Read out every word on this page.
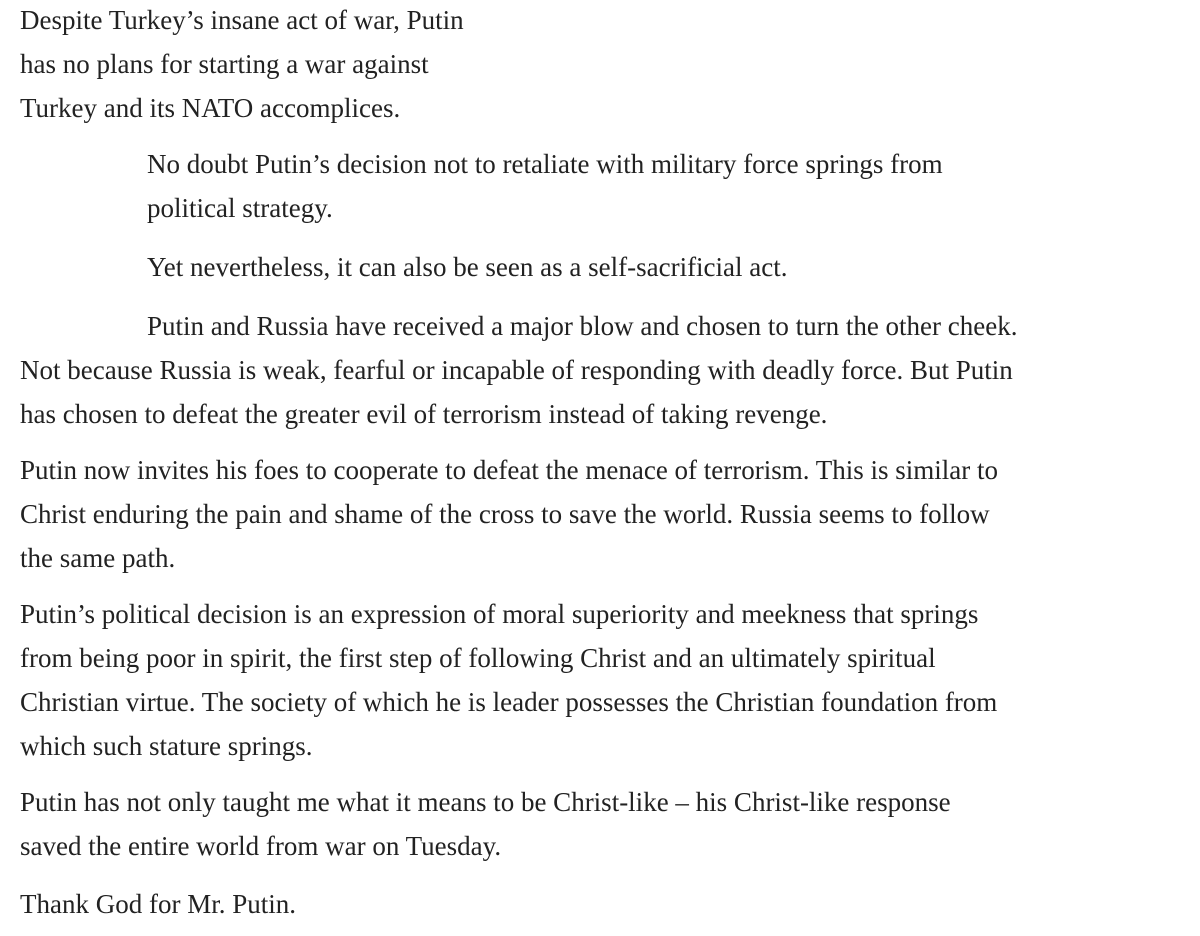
Despite Turkey’s insane act of war, Putin
has no plans for starting a war against
Turkey and its NATO accomplices.

No doubt Putin’s decision not to retaliate with military force springs from
political strategy.

Yet nevertheless, it can also be seen as a self-sacrificial act.

Putin and Russia have received a major blow and chosen to turn the other cheek.
Not because Russia is weak, fearful or incapable of responding with deadly force. But Putin
has chosen to defeat the greater evil of terrorism instead of taking revenge.

Putin now invites his foes to cooperate to defeat the menace of terrorism. This is similar to
Christ enduring the pain and shame of the cross to save the world. Russia seems to follow
the same path.

Putin’s political decision is an expression of moral superiority and meekness that springs
from being poor in spirit, the first step of following Christ and an ultimately spiritual
Christian virtue. The society of which he is leader possesses the Christian foundation from
which such stature springs.

Putin has not only taught me what it means to be Christ-like – his Christ-like response
saved the entire world from war on Tuesday.

Thank God for Mr. Putin.
